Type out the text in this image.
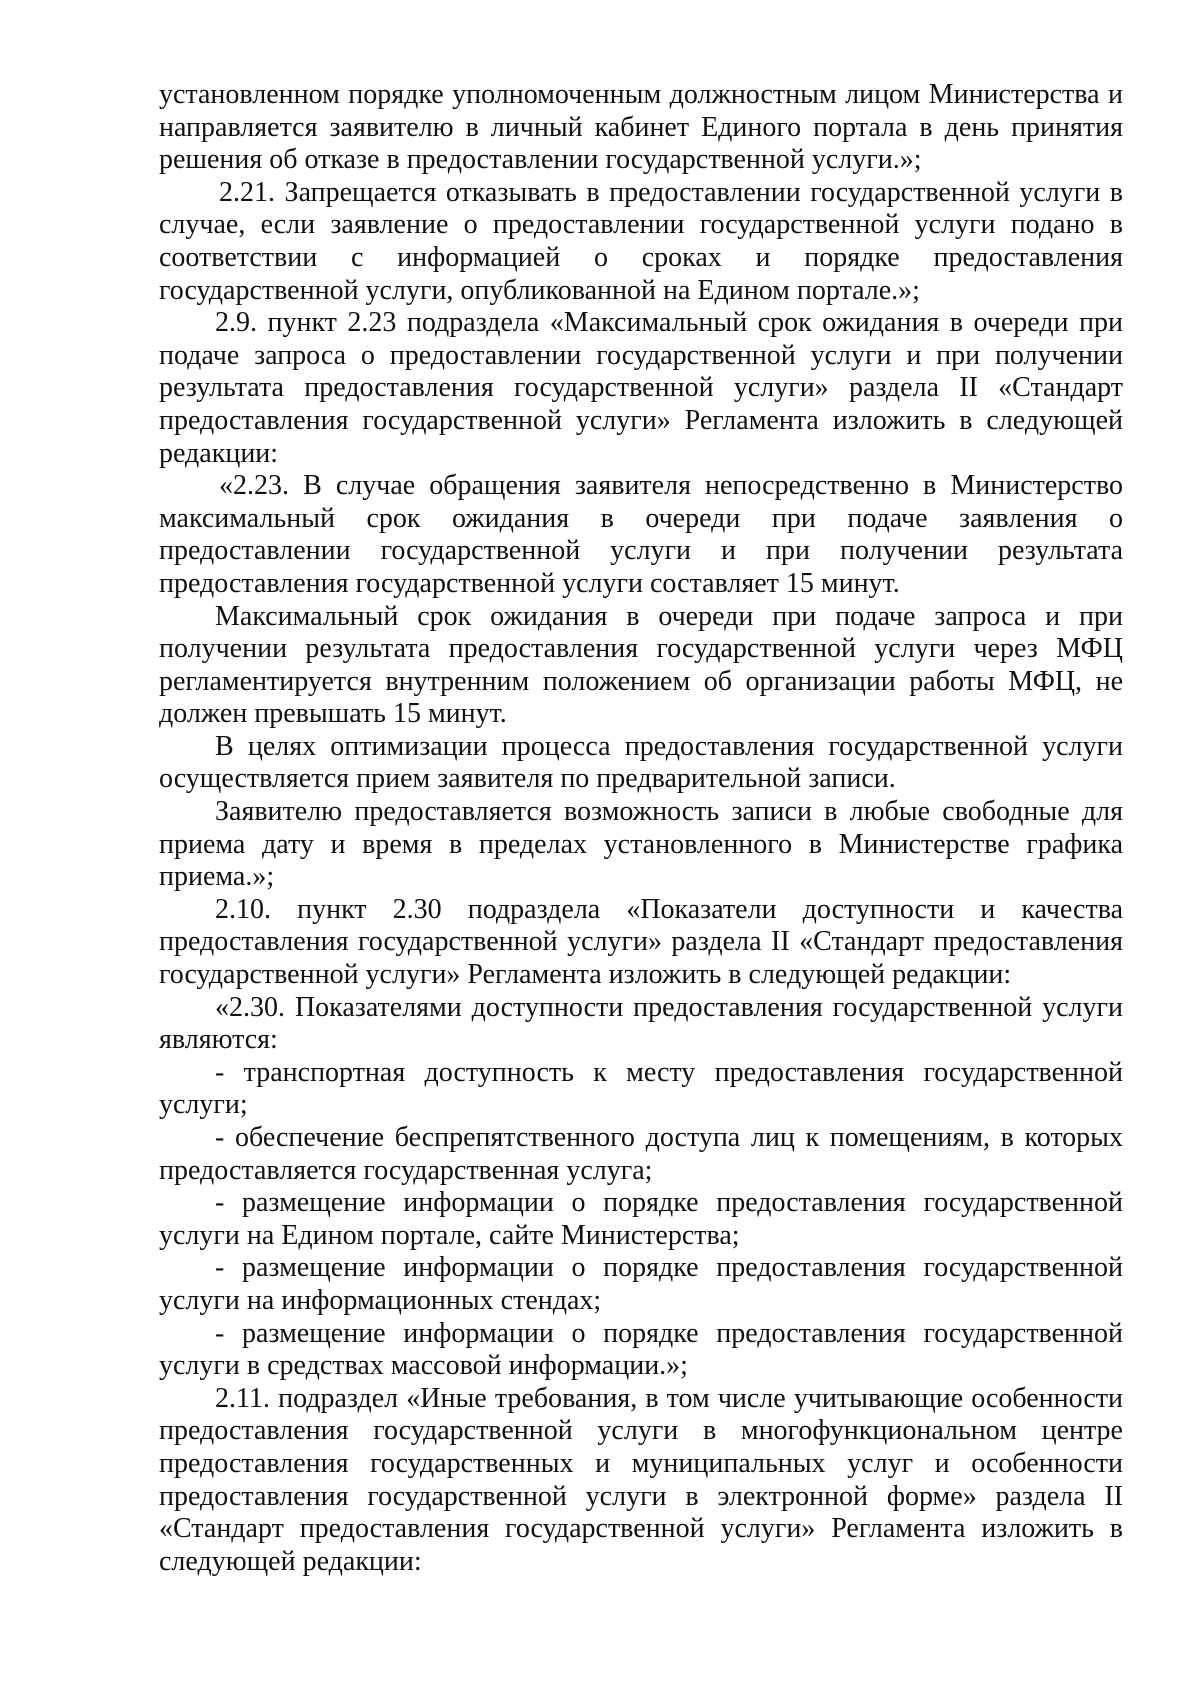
установленном порядке уполномоченным должностным лицом Министерства и направляется заявителю в личный кабинет Единого портала в день принятия решения об отказе в предоставлении государственной услуги.»;

2.21. Запрещается отказывать в предоставлении государственной услуги в случае, если заявление о предоставлении государственной услуги подано в соответствии с информацией о сроках и порядке предоставления государственной услуги, опубликованной на Едином портале.»;

2.9. пункт 2.23 подраздела «Максимальный срок ожидания в очереди при подаче запроса о предоставлении государственной услуги и при получении результата предоставления государственной услуги» раздела II «Стандарт предоставления государственной услуги» Регламента изложить в следующей редакции:

«2.23. В случае обращения заявителя непосредственно в Министерство максимальный срок ожидания в очереди при подаче заявления о предоставлении государственной услуги и при получении результата предоставления государственной услуги составляет 15 минут.

Максимальный срок ожидания в очереди при подаче запроса и при получении результата предоставления государственной услуги через МФЦ регламентируется внутренним положением об организации работы МФЦ, не должен превышать 15 минут.

В целях оптимизации процесса предоставления государственной услуги осуществляется прием заявителя по предварительной записи.

Заявителю предоставляется возможность записи в любые свободные для приема дату и время в пределах установленного в Министерстве графика приема.»;

2.10. пункт 2.30 подраздела «Показатели доступности и качества предоставления государственной услуги» раздела II «Стандарт предоставления государственной услуги» Регламента изложить в следующей редакции:

«2.30. Показателями доступности предоставления государственной услуги являются:

- транспортная доступность к месту предоставления государственной услуги;

- обеспечение беспрепятственного доступа лиц к помещениям, в которых предоставляется государственная услуга;

- размещение информации о порядке предоставления государственной услуги на Едином портале, сайте Министерства;

- размещение информации о порядке предоставления государственной услуги на информационных стендах;

- размещение информации о порядке предоставления государственной услуги в средствах массовой информации.»;

2.11. подраздел «Иные требования, в том числе учитывающие особенности предоставления государственной услуги в многофункциональном центре предоставления государственных и муниципальных услуг и особенности предоставления государственной услуги в электронной форме» раздела II «Стандарт предоставления государственной услуги» Регламента изложить в следующей редакции:
